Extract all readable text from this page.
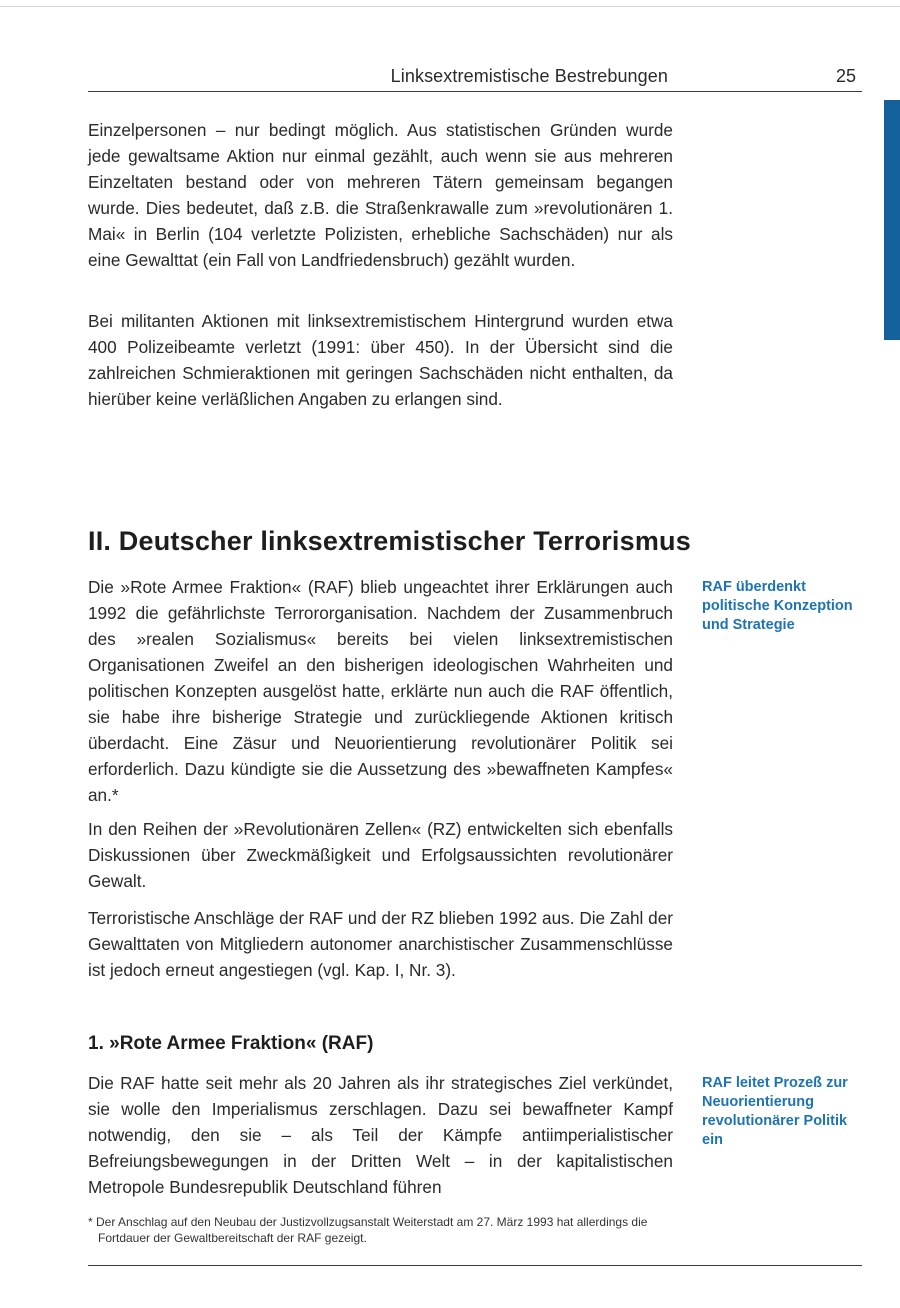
Linksextremistische Bestrebungen	25

Einzelpersonen – nur bedingt möglich. Aus statistischen Gründen wurde jede gewaltsame Aktion nur einmal gezählt, auch wenn sie aus mehreren Einzeltaten bestand oder von mehreren Tätern gemeinsam begangen wurde. Dies bedeutet, daß z.B. die Straßenkrawalle zum »revolutionären 1. Mai« in Berlin (104 verletzte Polizisten, erhebliche Sachschäden) nur als eine Gewalttat (ein Fall von Landfriedensbruch) gezählt wurden.

Bei militanten Aktionen mit linksextremistischem Hintergrund wurden etwa 400 Polizeibeamte verletzt (1991: über 450). In der Übersicht sind die zahlreichen Schmieraktionen mit geringen Sachschäden nicht enthalten, da hierüber keine verläßlichen Angaben zu erlangen sind.

II. Deutscher linksextremistischer Terrorismus

Die »Rote Armee Fraktion« (RAF) blieb ungeachtet ihrer Erklärungen auch 1992 die gefährlichste Terrororganisation. Nachdem der Zusammenbruch des »realen Sozialismus« bereits bei vielen linksextremistischen Organisationen Zweifel an den bisherigen ideologischen Wahrheiten und politischen Konzepten ausgelöst hatte, erklärte nun auch die RAF öffentlich, sie habe ihre bisherige Strategie und zurückliegende Aktionen kritisch überdacht. Eine Zäsur und Neuorientierung revolutionärer Politik sei erforderlich. Dazu kündigte sie die Aussetzung des »bewaffneten Kampfes« an.*

RAF überdenkt politische Konzeption und Strategie

In den Reihen der »Revolutionären Zellen« (RZ) entwickelten sich ebenfalls Diskussionen über Zweckmäßigkeit und Erfolgsaussichten revolutionärer Gewalt.

Terroristische Anschläge der RAF und der RZ blieben 1992 aus. Die Zahl der Gewalttaten von Mitgliedern autonomer anarchistischer Zusammenschlüsse ist jedoch erneut angestiegen (vgl. Kap. I, Nr. 3).

1. »Rote Armee Fraktion« (RAF)

Die RAF hatte seit mehr als 20 Jahren als ihr strategisches Ziel verkündet, sie wolle den Imperialismus zerschlagen. Dazu sei bewaffneter Kampf notwendig, den sie – als Teil der Kämpfe antiimperialistischer Befreiungsbewegungen in der Dritten Welt – in der kapitalistischen Metropole Bundesrepublik Deutschland führen

RAF leitet Prozeß zur Neuorientierung revolutionärer Politik ein

* Der Anschlag auf den Neubau der Justizvollzugsanstalt Weiterstadt am 27. März 1993 hat allerdings die Fortdauer der Gewaltbereitschaft der RAF gezeigt.
